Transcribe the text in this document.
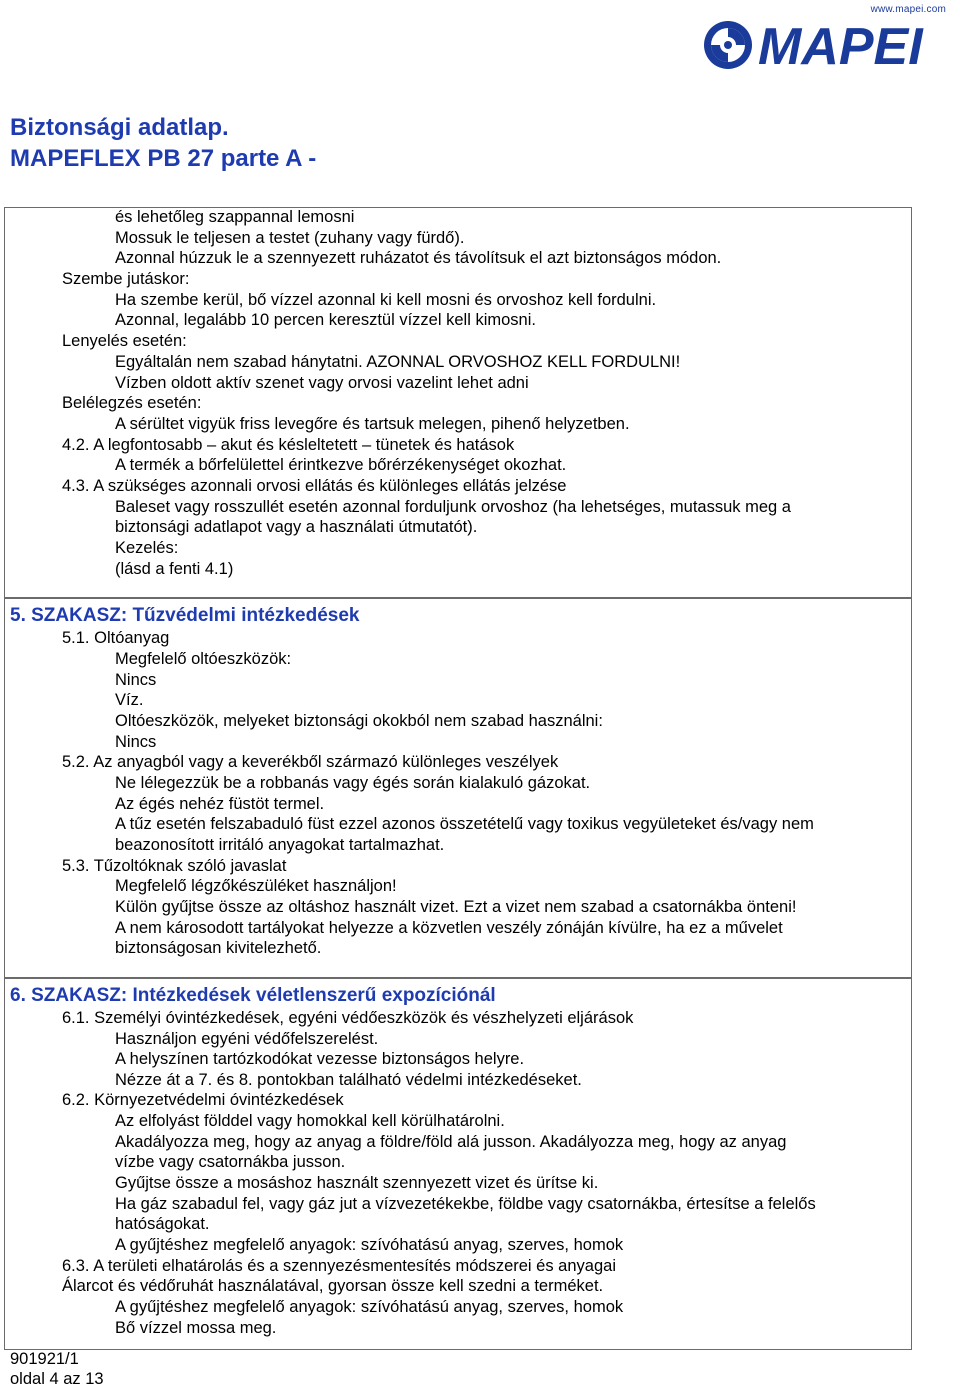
www.mapei.com
MAPEI
Biztonsági adatlap.
MAPEFLEX PB 27 parte A -
és lehetőleg szappannal lemosni
Mossuk le teljesen a testet (zuhany vagy fürdő).
Azonnal húzzuk le a szennyezett ruházatot és távolítsuk el azt biztonságos módon.
Szembe jutáskor:
Ha szembe kerül, bő vízzel azonnal ki kell mosni és orvoshoz kell fordulni.
Azonnal, legalább 10 percen keresztül vízzel kell kimosni.
Lenyelés esetén:
Egyáltalán nem szabad hánytatni. AZONNAL ORVOSHOZ KELL FORDULNI!
Vízben oldott aktív szenet vagy orvosi vazelint lehet adni
Belélegzés esetén:
A sérültet vigyük friss levegőre és tartsuk melegen, pihenő helyzetben.
4.2. A legfontosabb – akut és késleltetett – tünetek és hatások
A termék a bőrfelülettel érintkezve bőrérzékenységet okozhat.
4.3. A szükséges azonnali orvosi ellátás és különleges ellátás jelzése
Baleset vagy rosszullét esetén azonnal forduljunk orvoshoz (ha lehetséges, mutassuk meg a
biztonsági adatlapot vagy a használati útmutatót).
Kezelés:
(lásd a fenti 4.1)
5. SZAKASZ: Tűzvédelmi intézkedések
5.1. Oltóanyag
Megfelelő oltóeszközök:
Nincs
Víz.
Oltóeszközök, melyeket biztonsági okokból nem szabad használni:
Nincs
5.2. Az anyagból vagy a keverékből származó különleges veszélyek
Ne lélegezzük be a robbanás vagy égés során kialakuló gázokat.
Az égés nehéz füstöt termel.
A tűz esetén felszabaduló füst ezzel azonos összetételű vagy toxikus vegyületeket és/vagy nem
beazonosított irritáló anyagokat tartalmazhat.
5.3. Tűzoltóknak szóló javaslat
Megfelelő légzőkészüléket használjon!
Külön gyűjtse össze az oltáshoz használt vizet. Ezt a vizet nem szabad a csatornákba önteni!
A nem károsodott tartályokat helyezze a közvetlen veszély zónáján kívülre, ha ez a művelet
biztonságosan kivitelezhető.
6. SZAKASZ: Intézkedések véletlenszerű expozíciónál
6.1. Személyi óvintézkedések, egyéni védőeszközök és vészhelyzeti eljárások
Használjon egyéni védőfelszerelést.
A helyszínen tartózkodókat vezesse biztonságos helyre.
Nézze át a 7. és 8. pontokban található védelmi intézkedéseket.
6.2. Környezetvédelmi óvintézkedések
Az elfolyást földdel vagy homokkal kell körülhatárolni.
Akadályozza meg, hogy az anyag a földre/föld alá jusson. Akadályozza meg, hogy az anyag
vízbe vagy csatornákba jusson.
Gyűjtse össze a mosáshoz használt szennyezett vizet és ürítse ki.
Ha gáz szabadul fel, vagy gáz jut a vízvezetékekbe, földbe vagy csatornákba, értesítse a felelős
hatóságokat.
A gyűjtéshez megfelelő anyagok: szívóhatású anyag, szerves, homok
6.3. A területi elhatárolás és a szennyezésmentesítés módszerei és anyagai
Álarcot és védőruhát használatával, gyorsan össze kell szedni a terméket.
A gyűjtéshez megfelelő anyagok: szívóhatású anyag, szerves, homok
Bő vízzel mossa meg.
901921/1
oldal 4 az 13
